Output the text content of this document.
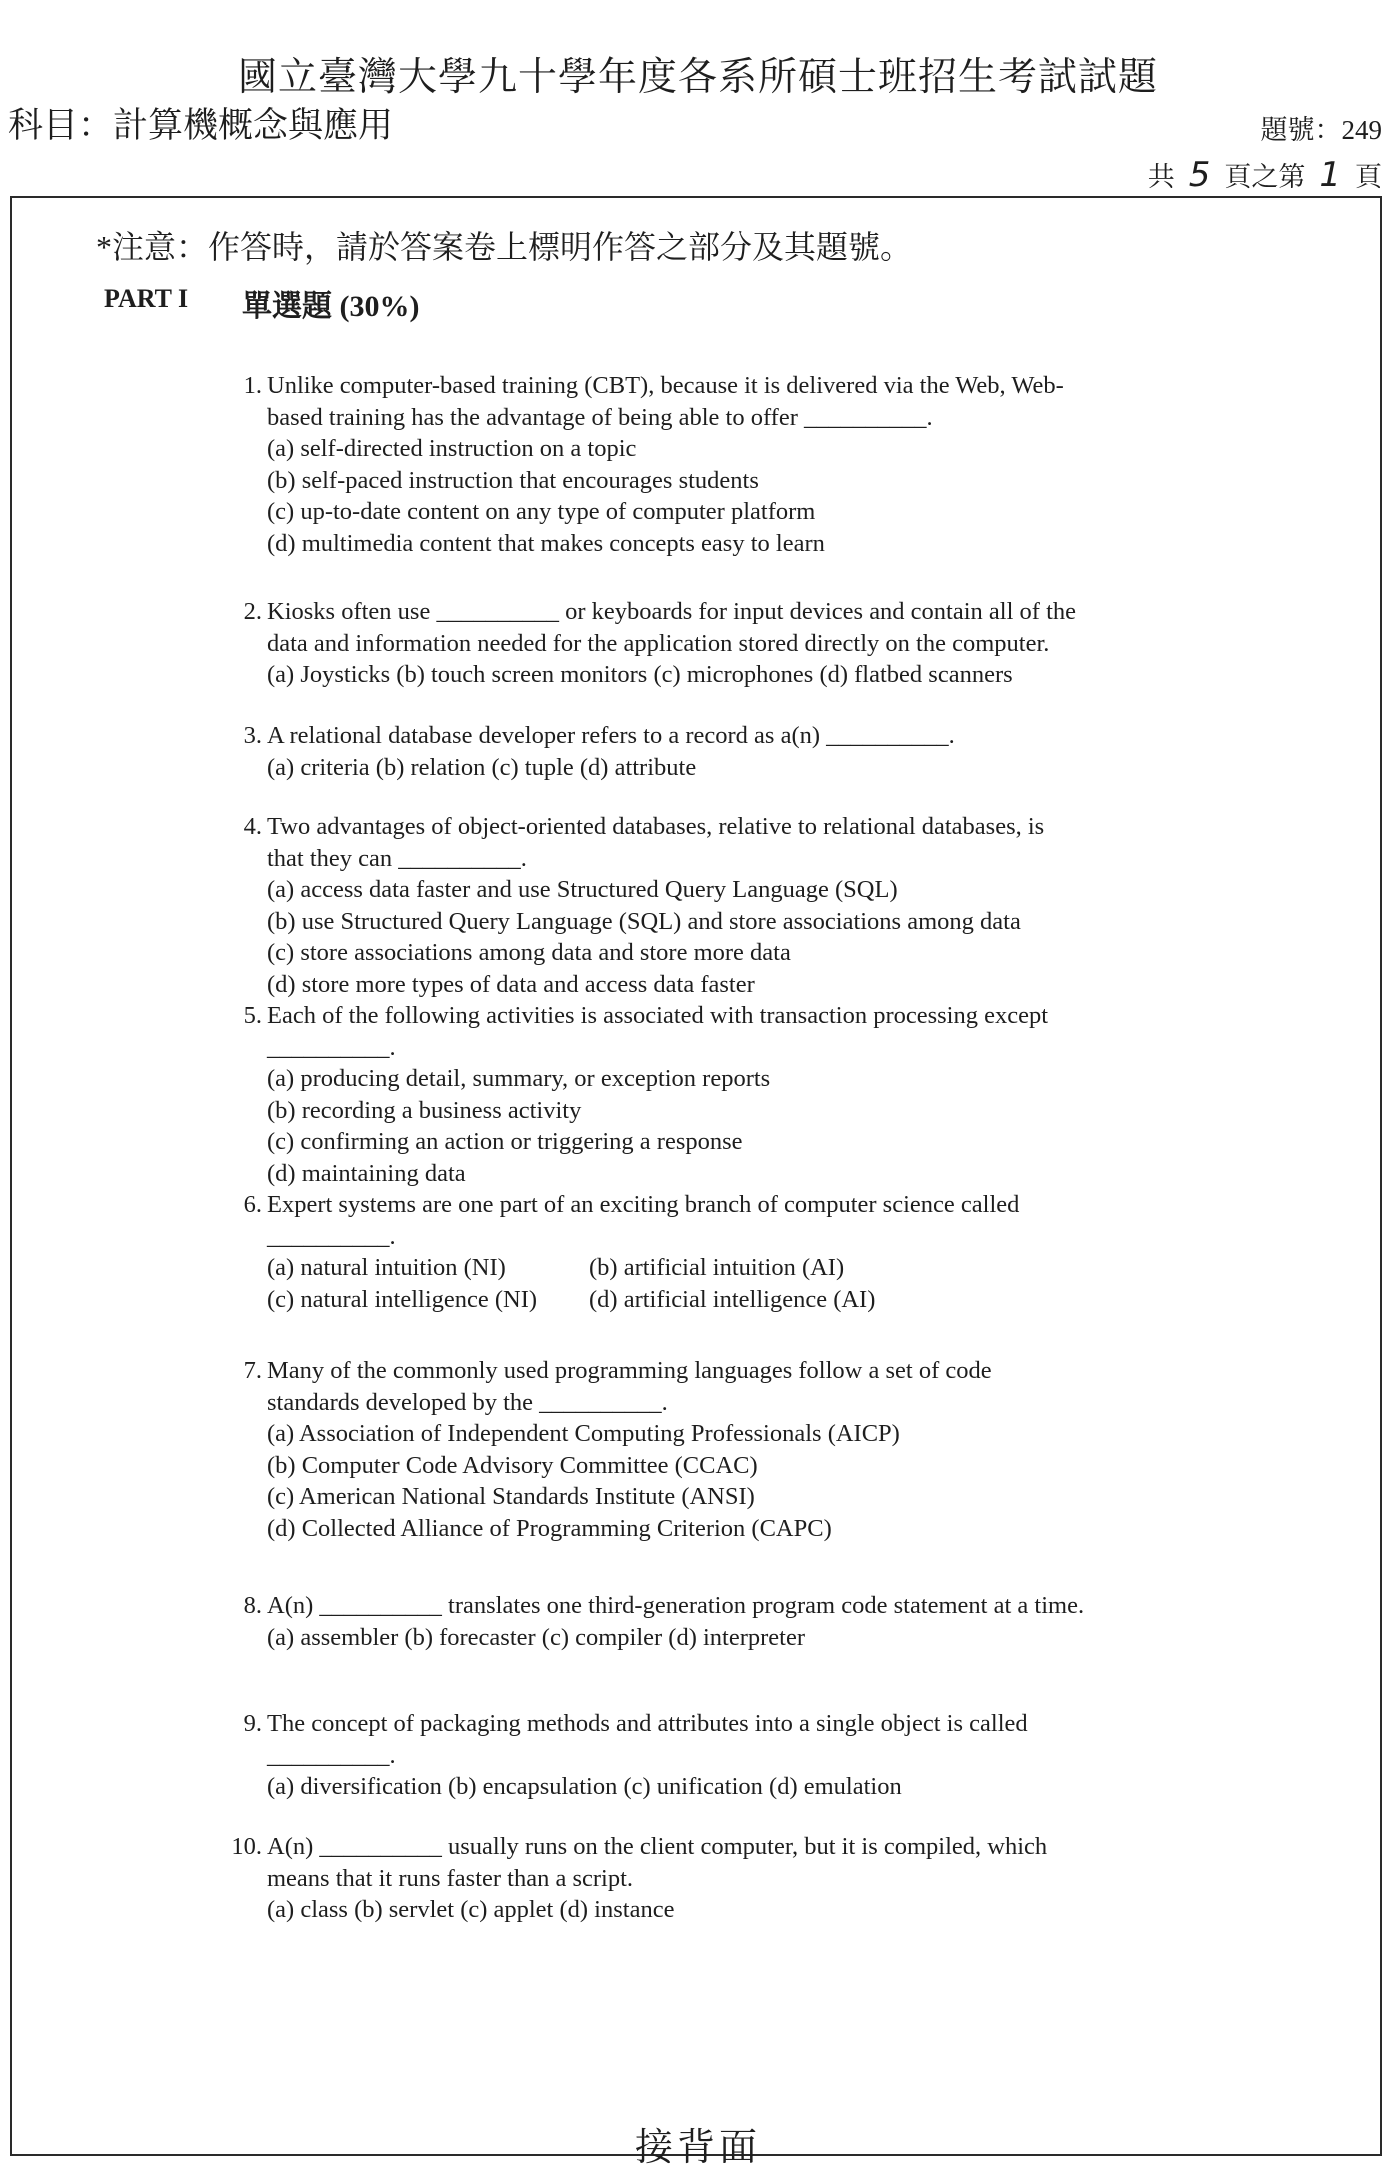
國立臺灣大學九十學年度各系所碩士班招生考試試題
科目：計算機概念與應用	題號：249
共 5 頁之第 1 頁
*注意：作答時，請於答案卷上標明作答之部分及其題號。
PART I 單選題 (30%)
1. Unlike computer-based training (CBT), because it is delivered via the Web, Web-

based training has the advantage of being able to offer __________.

(a) self-directed instruction on a topic

(b) self-paced instruction that encourages students

(c) up-to-date content on any type of computer platform

(d) multimedia content that makes concepts easy to learn

2. Kiosks often use __________ or keyboards for input devices and contain all of the

data and information needed for the application stored directly on the computer.

(a) Joysticks (b) touch screen monitors (c) microphones (d) flatbed scanners

3. A relational database developer refers to a record as a(n) __________.

(a) criteria (b) relation (c) tuple (d) attribute

4. Two advantages of object-oriented databases, relative to relational databases, is

that they can __________.

(a) access data faster and use Structured Query Language (SQL)

(b) use Structured Query Language (SQL) and store associations among data

(c) store associations among data and store more data

(d) store more types of data and access data faster

5. Each of the following activities is associated with transaction processing except

__________.

(a) producing detail, summary, or exception reports

(b) recording a business activity

(c) confirming an action or triggering a response

(d) maintaining data

6. Expert systems are one part of an exciting branch of computer science called

__________.

(a) natural intuition (NI)	(b) artificial intuition (AI)

(c) natural intelligence (NI)	(d) artificial intelligence (AI)

7. Many of the commonly used programming languages follow a set of code

standards developed by the __________.

(a) Association of Independent Computing Professionals (AICP)

(b) Computer Code Advisory Committee (CCAC)

(c) American National Standards Institute (ANSI)

(d) Collected Alliance of Programming Criterion (CAPC)

8. A(n) __________ translates one third-generation program code statement at a time.

(a) assembler (b) forecaster (c) compiler (d) interpreter

9. The concept of packaging methods and attributes into a single object is called

__________.

(a) diversification (b) encapsulation (c) unification (d) emulation

10. A(n) __________ usually runs on the client computer, but it is compiled, which

means that it runs faster than a script.

(a) class (b) servlet (c) applet (d) instance

接背面
